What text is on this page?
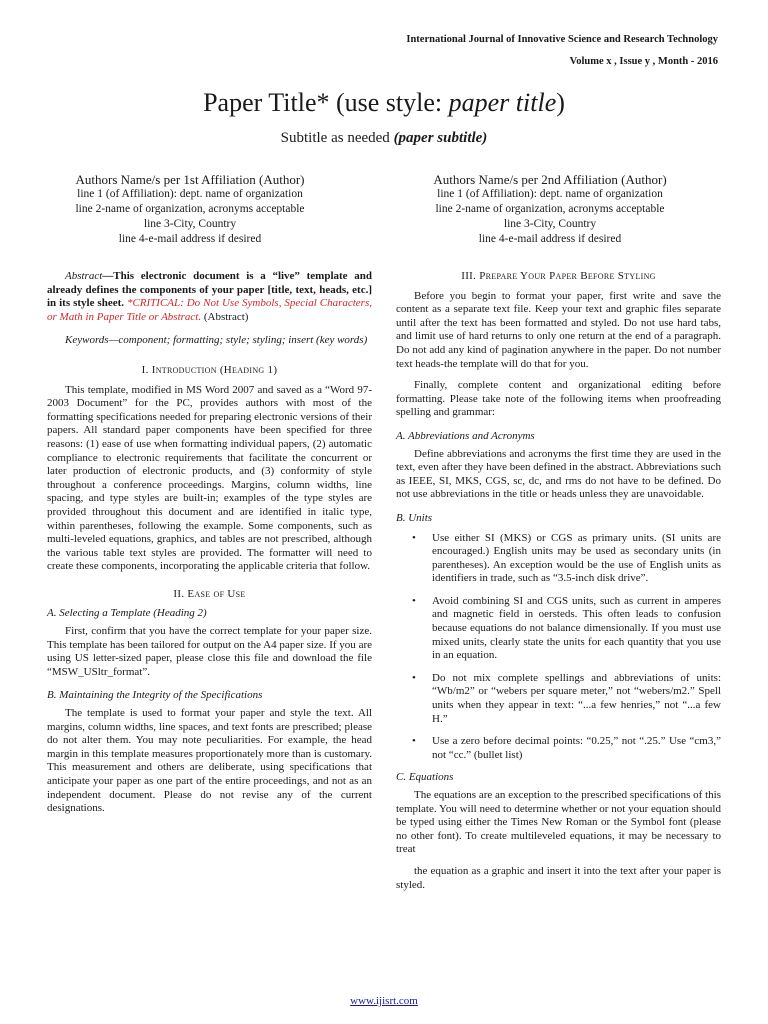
International Journal of Innovative Science and Research Technology
Volume x , Issue y , Month - 2016
Paper Title* (use style: paper title)
Subtitle as needed (paper subtitle)
Authors Name/s per 1st Affiliation (Author)
line 1 (of Affiliation): dept. name of organization
line 2-name of organization, acronyms acceptable
line 3-City, Country
line 4-e-mail address if desired
Authors Name/s per 2nd Affiliation (Author)
line 1 (of Affiliation): dept. name of organization
line 2-name of organization, acronyms acceptable
line 3-City, Country
line 4-e-mail address if desired

Abstract—This electronic document is a “live” template and already defines the components of your paper [title, text, heads, etc.] in its style sheet. *CRITICAL: Do Not Use Symbols, Special Characters, or Math in Paper Title or Abstract. (Abstract)

Keywords—component; formatting; style; styling; insert (key words)

I. Introduction (Heading 1)

This template, modified in MS Word 2007 and saved as a “Word 97-2003 Document” for the PC, provides authors with most of the formatting specifications needed for preparing electronic versions of their papers. All standard paper components have been specified for three reasons: (1) ease of use when formatting individual papers, (2) automatic compliance to electronic requirements that facilitate the concurrent or later production of electronic products, and (3) conformity of style throughout a conference proceedings. Margins, column widths, line spacing, and type styles are built-in; examples of the type styles are provided throughout this document and are identified in italic type, within parentheses, following the example. Some components, such as multi-leveled equations, graphics, and tables are not prescribed, although the various table text styles are provided. The formatter will need to create these components, incorporating the applicable criteria that follow.

II. Ease of Use
A. Selecting a Template (Heading 2)

First, confirm that you have the correct template for your paper size. This template has been tailored for output on the A4 paper size. If you are using US letter-sized paper, please close this file and download the file “MSW_USltr_format”.

B. Maintaining the Integrity of the Specifications

The template is used to format your paper and style the text. All margins, column widths, line spaces, and text fonts are prescribed; please do not alter them. You may note peculiarities. For example, the head margin in this template measures proportionately more than is customary. This measurement and others are deliberate, using specifications that anticipate your paper as one part of the entire proceedings, and not as an independent document. Please do not revise any of the current designations.

III. Prepare Your Paper Before Styling

Before you begin to format your paper, first write and save the content as a separate text file. Keep your text and graphic files separate until after the text has been formatted and styled. Do not use hard tabs, and limit use of hard returns to only one return at the end of a paragraph. Do not add any kind of pagination anywhere in the paper. Do not number text heads-the template will do that for you.

Finally, complete content and organizational editing before formatting. Please take note of the following items when proofreading spelling and grammar:

A. Abbreviations and Acronyms

Define abbreviations and acronyms the first time they are used in the text, even after they have been defined in the abstract. Abbreviations such as IEEE, SI, MKS, CGS, sc, dc, and rms do not have to be defined. Do not use abbreviations in the title or heads unless they are unavoidable.

B. Units
• Use either SI (MKS) or CGS as primary units. (SI units are encouraged.) English units may be used as secondary units (in parentheses). An exception would be the use of English units as identifiers in trade, such as “3.5-inch disk drive”.
• Avoid combining SI and CGS units, such as current in amperes and magnetic field in oersteds. This often leads to confusion because equations do not balance dimensionally. If you must use mixed units, clearly state the units for each quantity that you use in an equation.
• Do not mix complete spellings and abbreviations of units: “Wb/m2” or “webers per square meter,” not “webers/m2.” Spell units when they appear in text: “...a few henries,” not “...a few H.”
• Use a zero before decimal points: “0.25,” not “.25.” Use “cm3,” not “cc.” (bullet list)
C. Equations

The equations are an exception to the prescribed specifications of this template. You will need to determine whether or not your equation should be typed using either the Times New Roman or the Symbol font (please no other font). To create multileveled equations, it may be necessary to treat

the equation as a graphic and insert it into the text after your paper is styled.

www.ijisrt.com
